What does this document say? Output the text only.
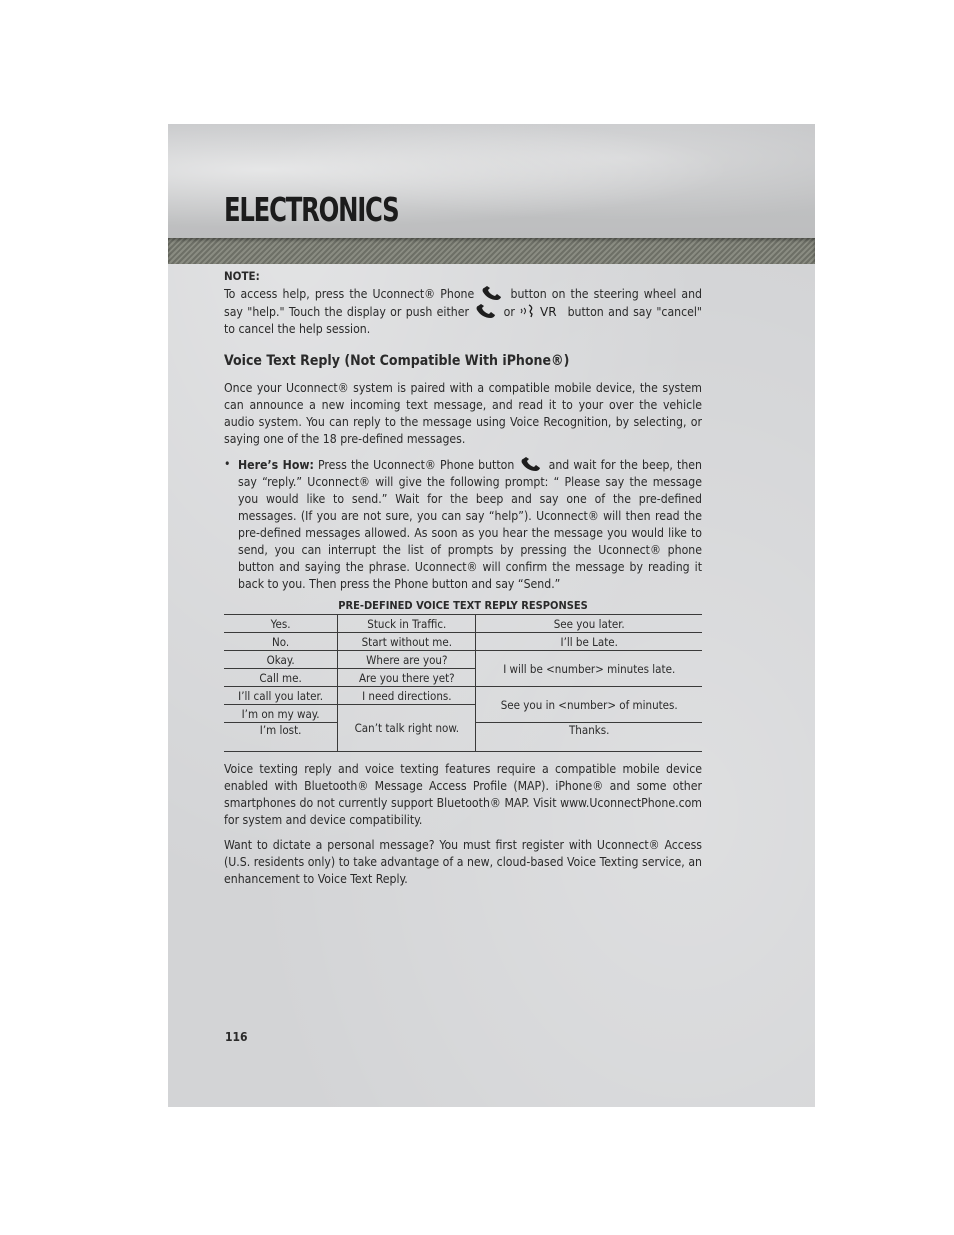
ELECTRONICS
NOTE:

To access help, press the Uconnect® Phone  button on the steering wheel and say "help." Touch the display or push either  or VR button and say "cancel" to cancel the help session.

Voice Text Reply (Not Compatible With iPhone®)

Once your Uconnect® system is paired with a compatible mobile device, the system can announce a new incoming text message, and read it to your over the vehicle audio system. You can reply to the message using Voice Recognition, by selecting, or saying one of the 18 pre-defined messages.

• Here’s How: Press the Uconnect® Phone button  and wait for the beep, then say “reply.” Uconnect® will give the following prompt: “ Please say the message you would like to send.” Wait for the beep and say one of the pre-defined messages. (If you are not sure, you can say “help”). Uconnect® will then read the pre-defined messages allowed. As soon as you hear the message you would like to send, you can interrupt the list of prompts by pressing the Uconnect® phone button and saying the phrase. Uconnect® will confirm the message by reading it back to you. Then press the Phone button and say “Send.”
PRE-DEFINED VOICE TEXT REPLY RESPONSES
Yes.	Stuck in Traffic.	See you later.
No.	Start without me.	I’ll be Late.
Okay.	Where are you?	I will be <number> minutes late.
Call me.	Are you there yet?	
I’ll call you later.	I need directions.	See you in <number> of minutes.
I’m on my way.	Can’t talk right now.	
I’m lost.		Thanks.

Voice texting reply and voice texting features require a compatible mobile device enabled with Bluetooth® Message Access Profile (MAP). iPhone® and some other smartphones do not currently support Bluetooth® MAP. Visit www.UconnectPhone.com for system and device compatibility.

Want to dictate a personal message? You must first register with Uconnect® Access (U.S. residents only) to take advantage of a new, cloud-based Voice Texting service, an enhancement to Voice Text Reply.

116
